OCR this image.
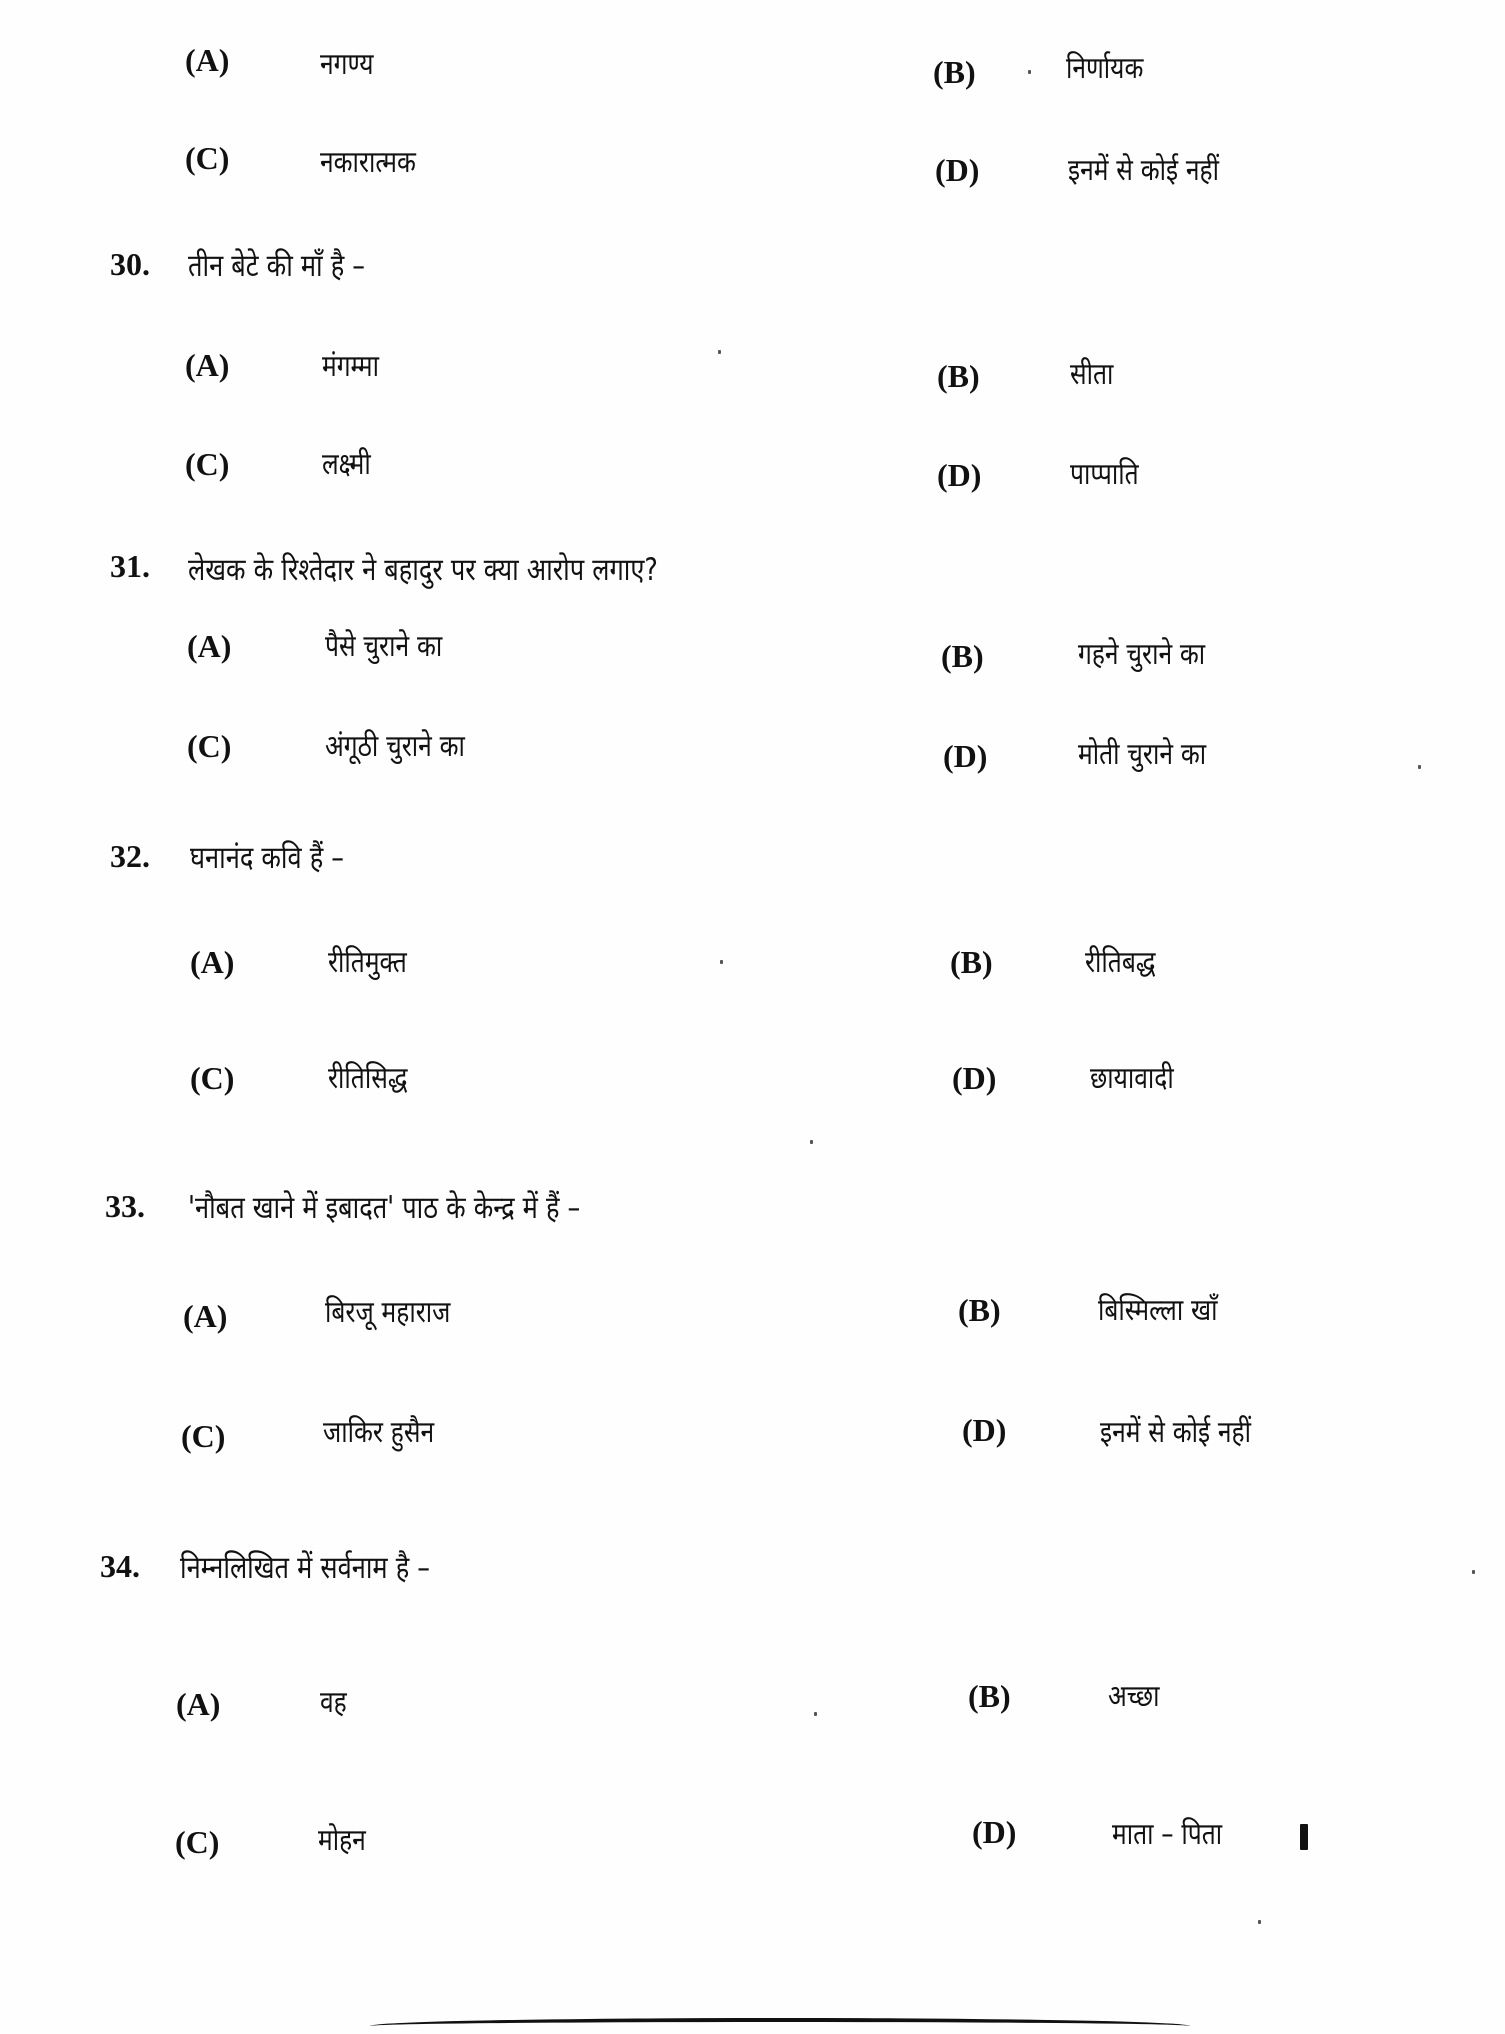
(A)	नगण्य	(B)	निर्णायक
(C)	नकारात्मक	(D)	इनमें से कोई नहीं
30. तीन बेटे की माँ है –
(A)	मंगम्मा	(B)	सीता
(C)	लक्ष्मी	(D)	पाप्पाति
31. लेखक के रिश्तेदार ने बहादुर पर क्या आरोप लगाए?
(A)	पैसे चुराने का	(B)	गहने चुराने का
(C)	अंगूठी चुराने का	(D)	मोती चुराने का
32. घनानंद कवि हैं –
(A)	रीतिमुक्त	(B)	रीतिबद्ध
(C)	रीतिसिद्ध	(D)	छायावादी
33. 'नौबत खाने में इबादत' पाठ के केन्द्र में हैं –
(A)	बिरजू महाराज	(B)	बिस्मिल्ला खाँ
(C)	जाकिर हुसैन	(D)	इनमें से कोई नहीं
34. निम्नलिखित में सर्वनाम है –
(A)	वह	(B)	अच्छा
(C)	मोहन	(D)	माता – पिता
